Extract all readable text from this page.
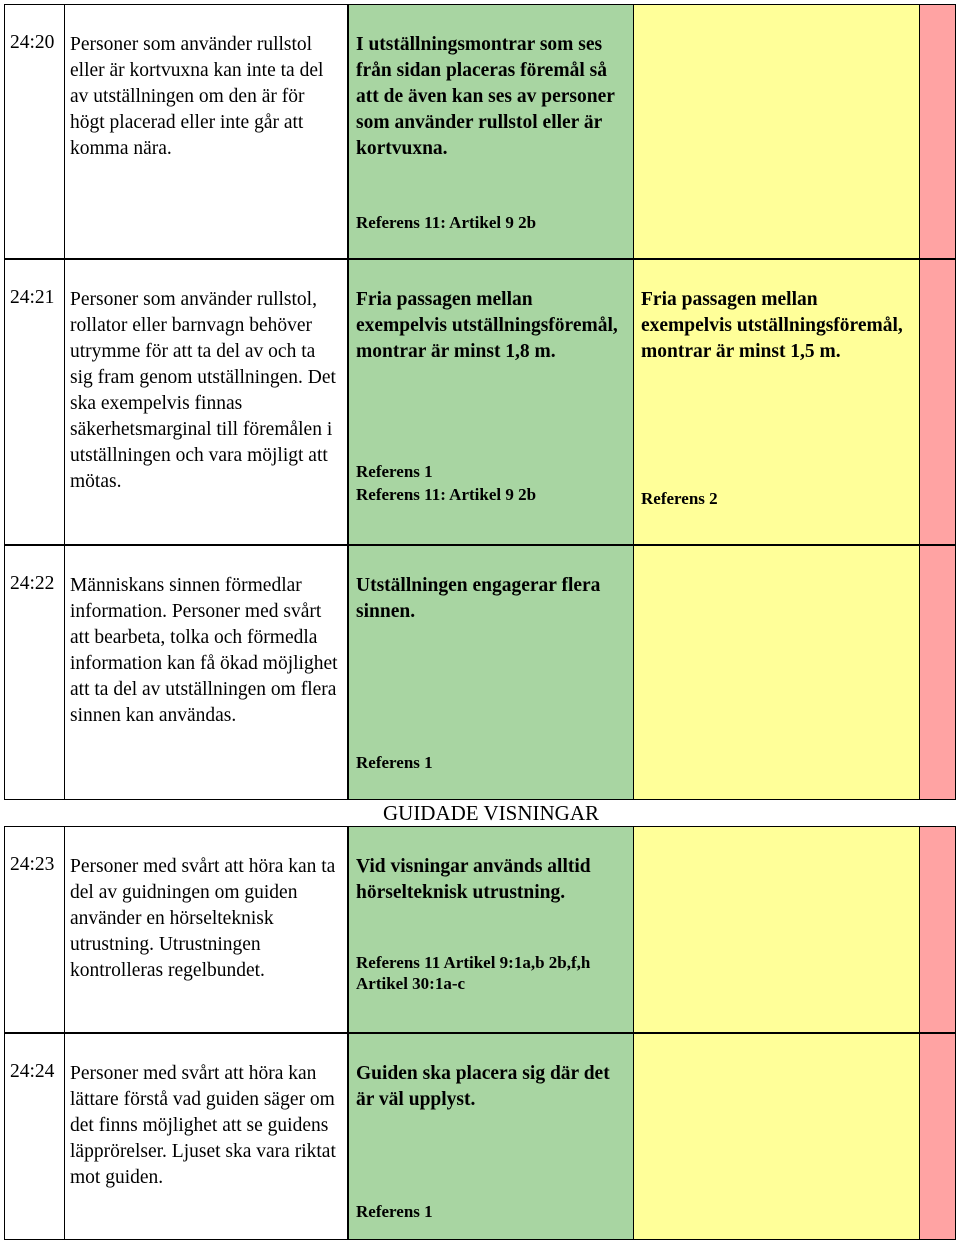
24:20 Personer som använder rullstol eller är kortvuxna kan inte ta del av utställningen om den är för högt placerad eller inte går att komma nära.
I utställningsmontrar som ses från sidan placeras föremål så att de även kan ses av personer som använder rullstol eller är kortvuxna.
Referens 11: Artikel 9 2b
24:21 Personer som använder rullstol, rollator eller barnvagn behöver utrymme för att ta del av och ta sig fram genom utställningen. Det ska exempelvis finnas säkerhetsmarginal till föremålen i utställningen och vara möjligt att mötas.
Fria passagen mellan exempelvis utställningsföremål, montrar är minst 1,8 m.
Referens 1
Referens 11: Artikel 9 2b
Fria passagen mellan exempelvis utställningsföremål, montrar är minst 1,5 m.
Referens 2
24:22 Människans sinnen förmedlar information. Personer med svårt att bearbeta, tolka och förmedla information kan få ökad möjlighet att ta del av utställningen om flera sinnen kan användas.
Utställningen engagerar flera sinnen.
Referens 1
GUIDADE VISNINGAR
24:23 Personer med svårt att höra kan ta del av guidningen om guiden använder en hörselteknisk utrustning. Utrustningen kontrolleras regelbundet.
Vid visningar används alltid hörselteknisk utrustning.
Referens 11 Artikel 9:1a,b 2b,f,h
Artikel 30:1a-c
24:24 Personer med svårt att höra kan lättare förstå vad guiden säger om det finns möjlighet att se guidens läpprörelser. Ljuset ska vara riktat mot guiden.
Guiden ska placera sig där det är väl upplyst.
Referens 1
